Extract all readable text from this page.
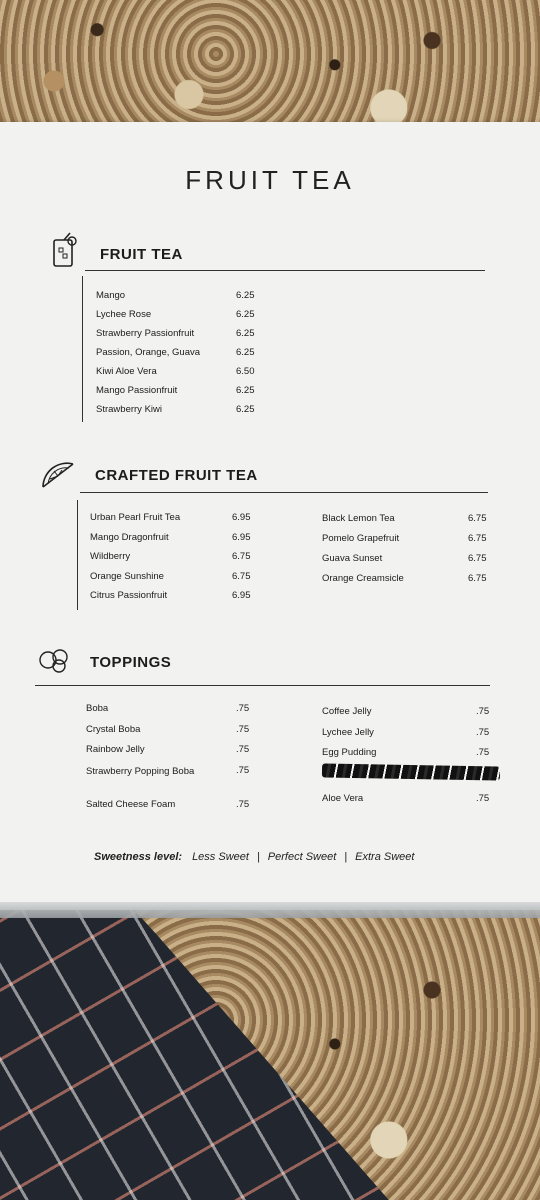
FRUIT TEA
FRUIT TEA
Mango	6.25
Lychee Rose	6.25
Strawberry Passionfruit	6.25
Passion, Orange, Guava	6.25
Kiwi Aloe Vera	6.50
Mango Passionfruit	6.25
Strawberry Kiwi	6.25
CRAFTED FRUIT TEA
Urban Pearl Fruit Tea	6.95
Mango Dragonfruit	6.95
Wildberry	6.75
Orange Sunshine	6.75
Citrus Passionfruit	6.95
Black Lemon Tea	6.75
Pomelo Grapefruit	6.75
Guava Sunset	6.75
Orange Creamsicle	6.75
TOPPINGS
Boba	.75
Crystal Boba	.75
Rainbow Jelly	.75
Strawberry Popping Boba	.75
Salted Cheese Foam	.75
Coffee Jelly	.75
Lychee Jelly	.75
Egg Pudding	.75
Aloe Vera	.75
Sweetness level: Less Sweet | Perfect Sweet | Extra Sweet
